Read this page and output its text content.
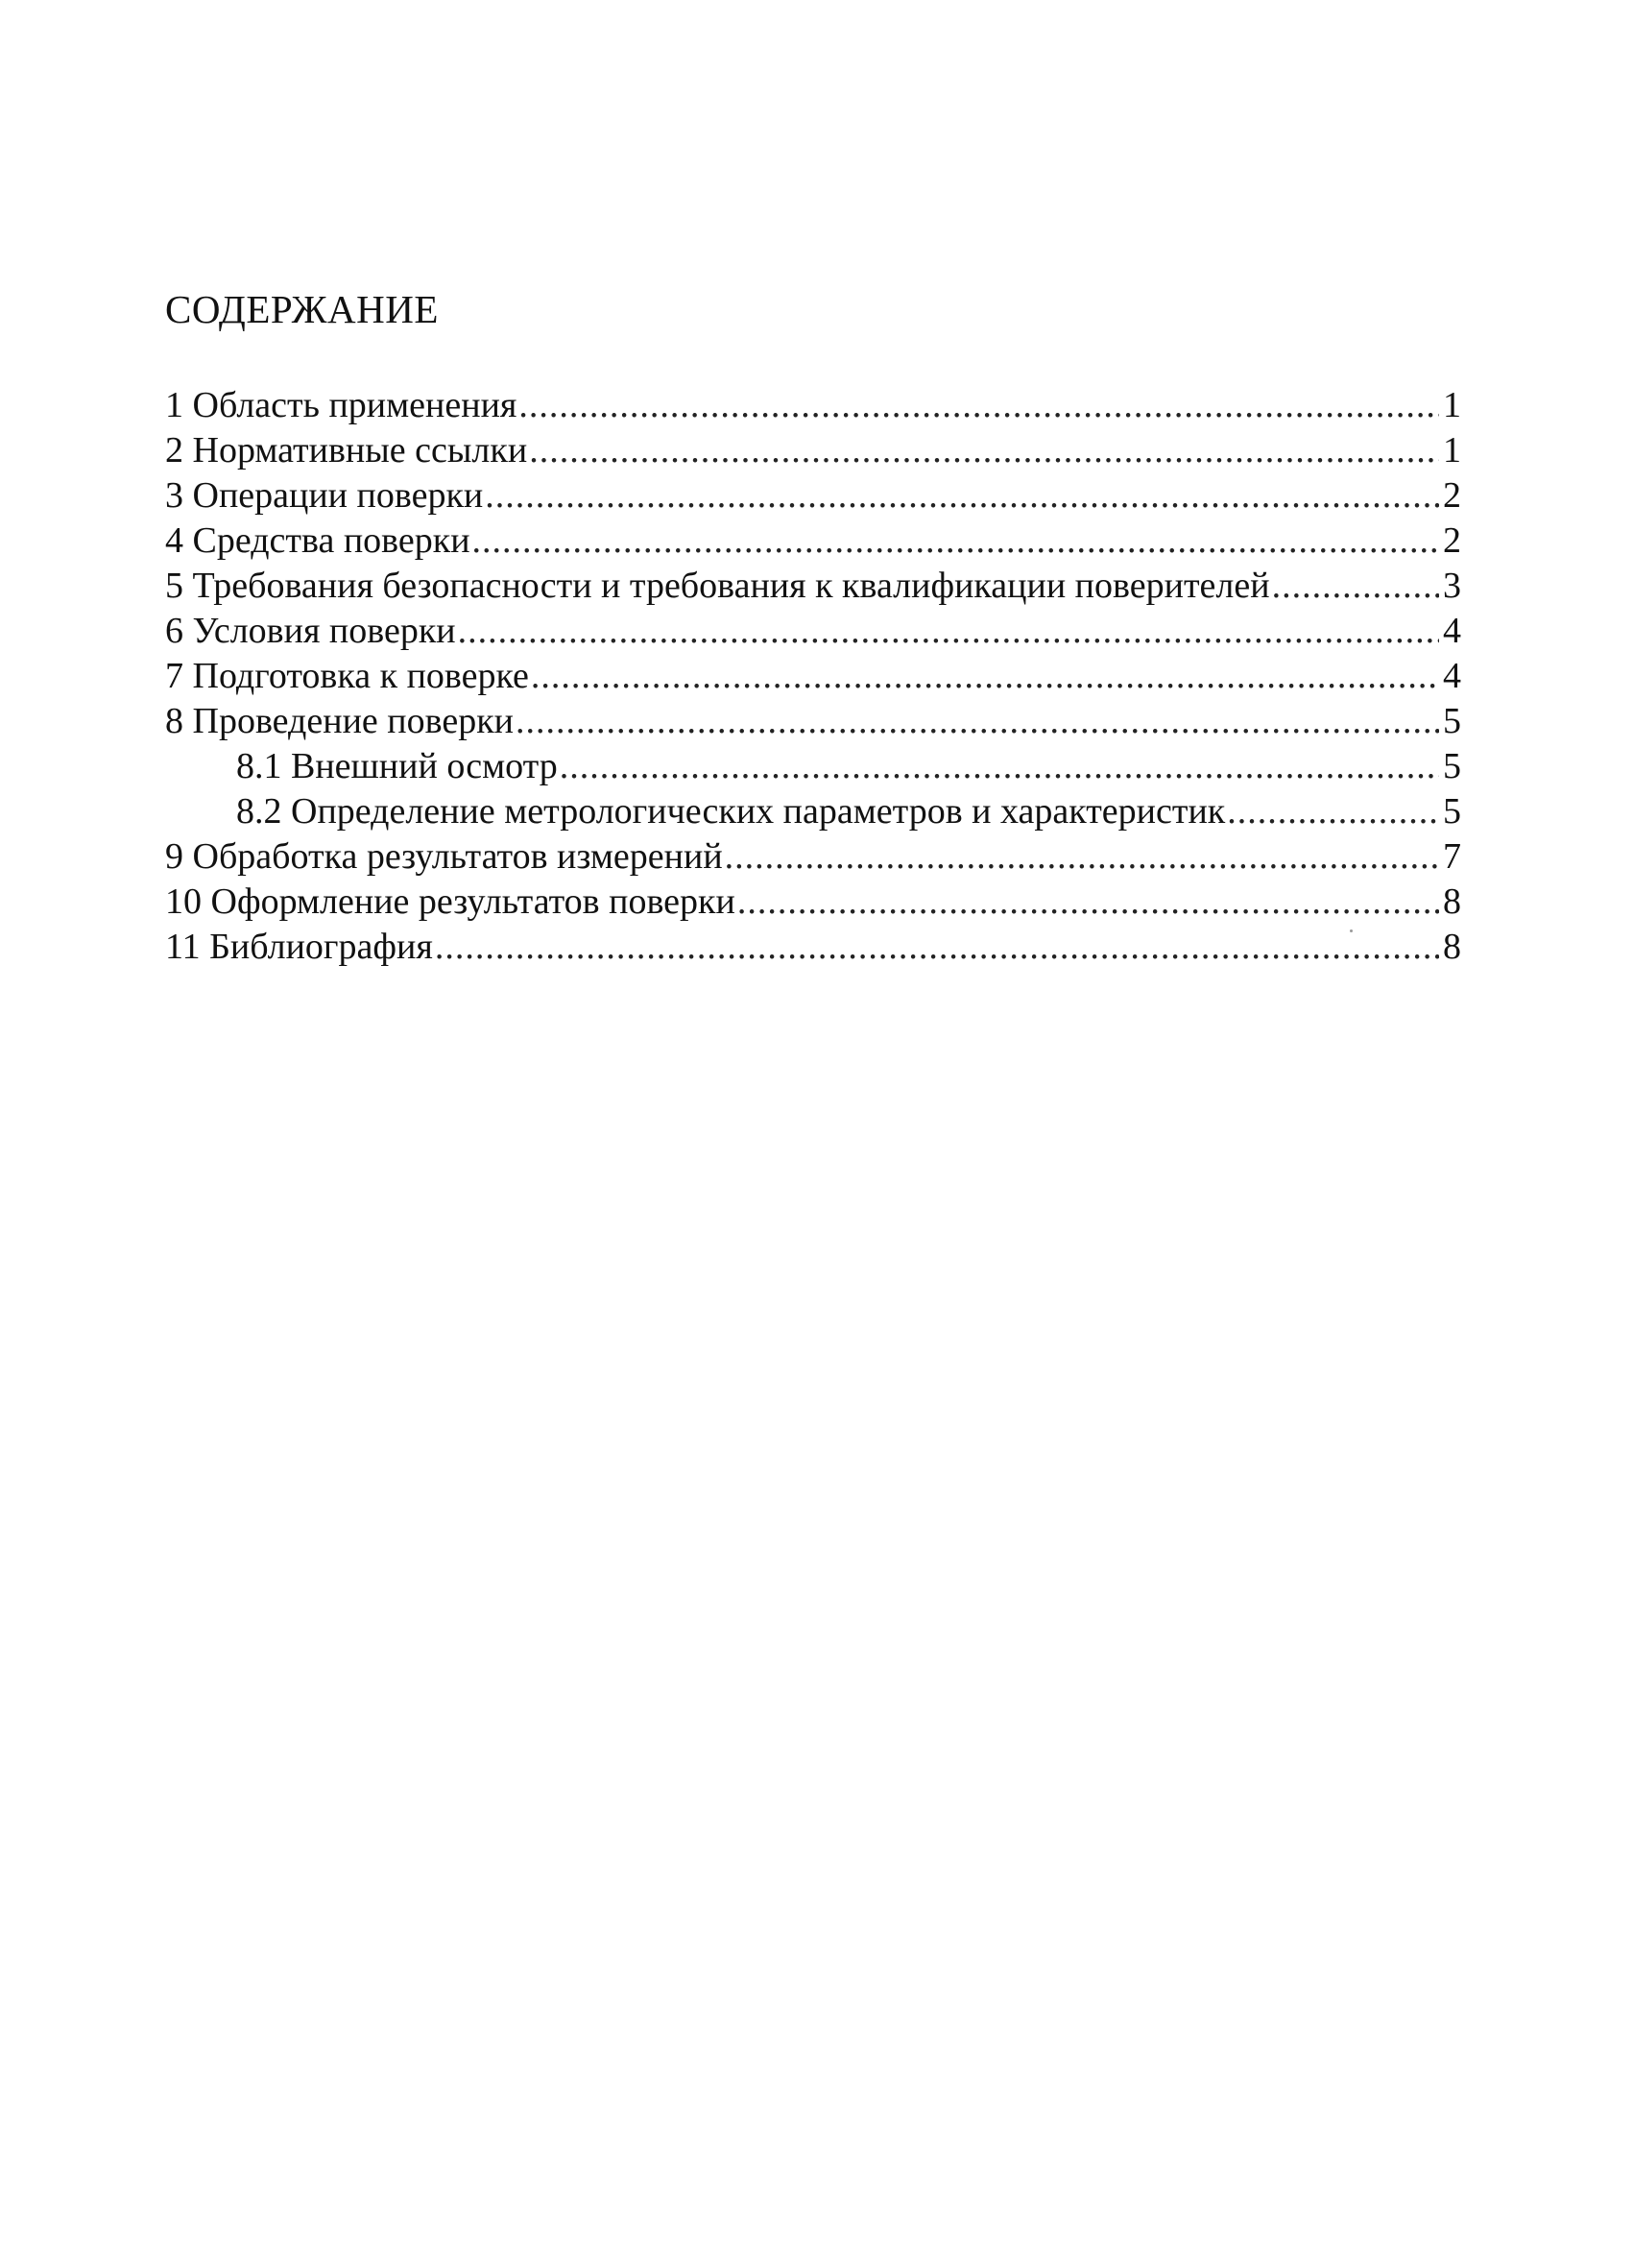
СОДЕРЖАНИЕ
1 Область применения .....	1
2 Нормативные ссылки .....	1
3 Операции поверки .....	2
4 Средства поверки .....	2
5 Требования безопасности и требования к квалификации поверителей .....	3
6 Условия поверки .....	4
7 Подготовка к поверке .....	4
8 Проведение поверки .....	5
8.1 Внешний осмотр .....	5
8.2 Определение метрологических параметров и характеристик .....	5
9 Обработка результатов измерений .....	7
10 Оформление результатов поверки .....	8
11 Библиография .....	8
